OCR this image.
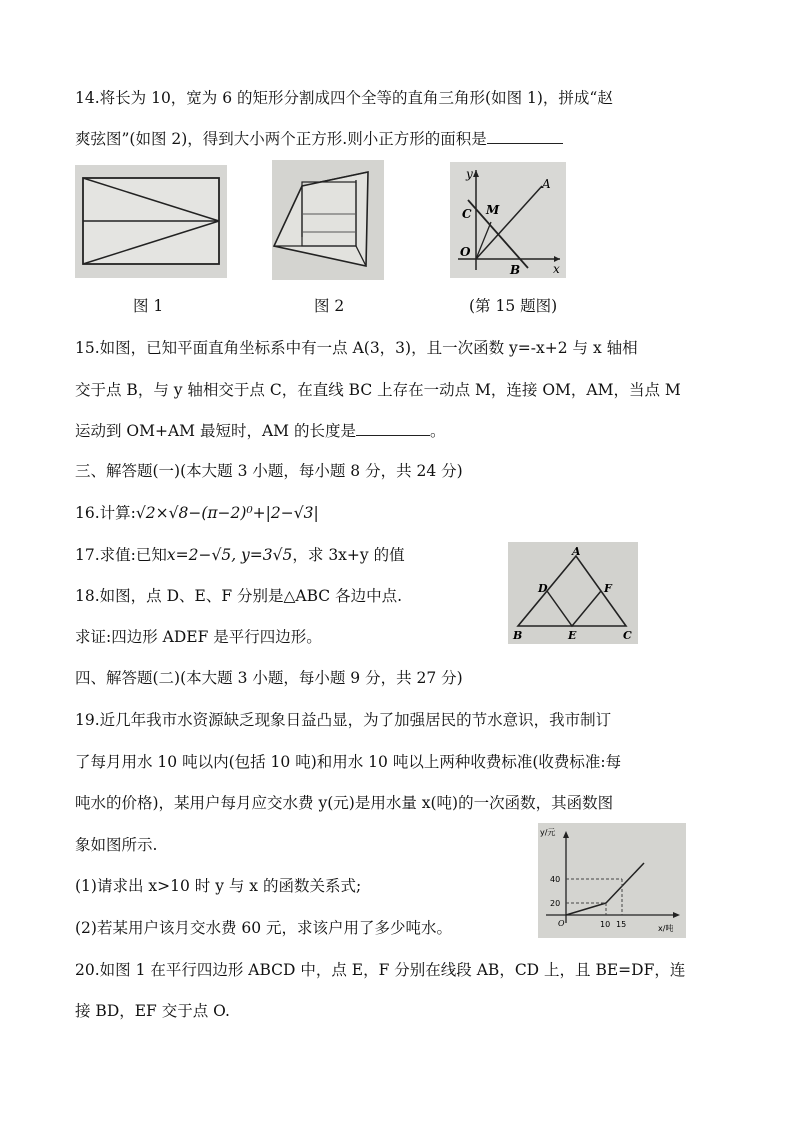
14.将长为 10，宽为 6 的矩形分割成四个全等的直角三角形(如图 1)，拼成“赵
爽弦图”(如图 2)，得到大小两个正方形.则小正方形的面积是
y
A
C M
O
B	x
图 1	图 2	(第 15 题图)
15.如图，已知平面直角坐标系中有一点 A(3，3)，且一次函数 y=-x+2 与 x 轴相
交于点 B，与 y 轴相交于点 C，在直线 BC 上存在一动点 M，连接 OM，AM，当点 M
运动到 OM+AM 最短时，AM 的长度是	。
三、解答题(一)(本大题 3 小题，每小题 8 分，共 24 分)
16.计算:√2×√8−(π−2)⁰+|2−√3|
17.求值:已知x=2−√5, y=3√5，求 3x+y 的值	A
D	F
B	E	C
18.如图，点 D、E、F 分别是△ABC 各边中点.
求证:四边形 ADEF 是平行四边形。
四、解答题(二)(本大题 3 小题，每小题 9 分，共 27 分)
19.近几年我市水资源缺乏现象日益凸显，为了加强居民的节水意识，我市制订
了每月用水 10 吨以内(包括 10 吨)和用水 10 吨以上两种收费标准(收费标准:每
吨水的价格)，某用户每月应交水费 y(元)是用水量 x(吨)的一次函数，其函数图
象如图所示.
(1)请求出 x>10 时 y 与 x 的函数关系式;
(2)若某用户该月交水费 60 元，求该户用了多少吨水。
y/元
40
20
O	10 15	x/吨
20.如图 1 在平行四边形 ABCD 中，点 E，F 分别在线段 AB，CD 上，且 BE=DF，连
接 BD，EF 交于点 O.
